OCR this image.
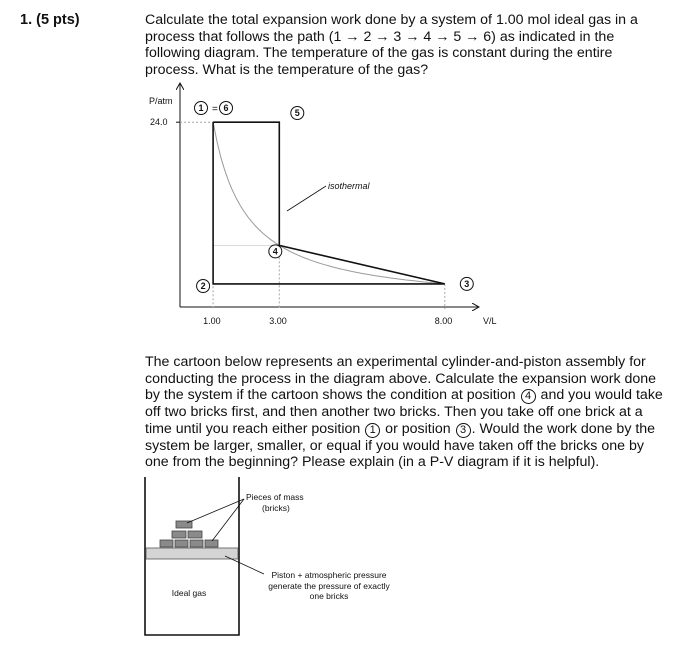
1. (5 pts)	Calculate the total expansion work done by a system of 1.00 mol ideal gas in a
process that follows the path (1 → 2 → 3 → 4 → 5 → 6) as indicated in the
following diagram. The temperature of the gas is constant during the entire
process. What is the temperature of the gas?
P/atm
V/L
24.0
1.00	3.00	8.00
isothermal
2	3
4
5
1 = 6
The cartoon below represents an experimental cylinder-and-piston assembly for
conducting the process in the diagram above. Calculate the expansion work done
by the system if the cartoon shows the condition at position 4 and you would take
off two bricks first, and then another two bricks. Then you take off one brick at a
time until you reach either position 1 or position 3 . Would the work done by the
system be larger, smaller, or equal if you would have taken off the bricks one by
one from the beginning? Please explain (in a P-V diagram if it is helpful).
Pieces of mass
(bricks)
Piston + atmospheric pressure
generate the pressure of exactly
one bricks
Ideal gas
